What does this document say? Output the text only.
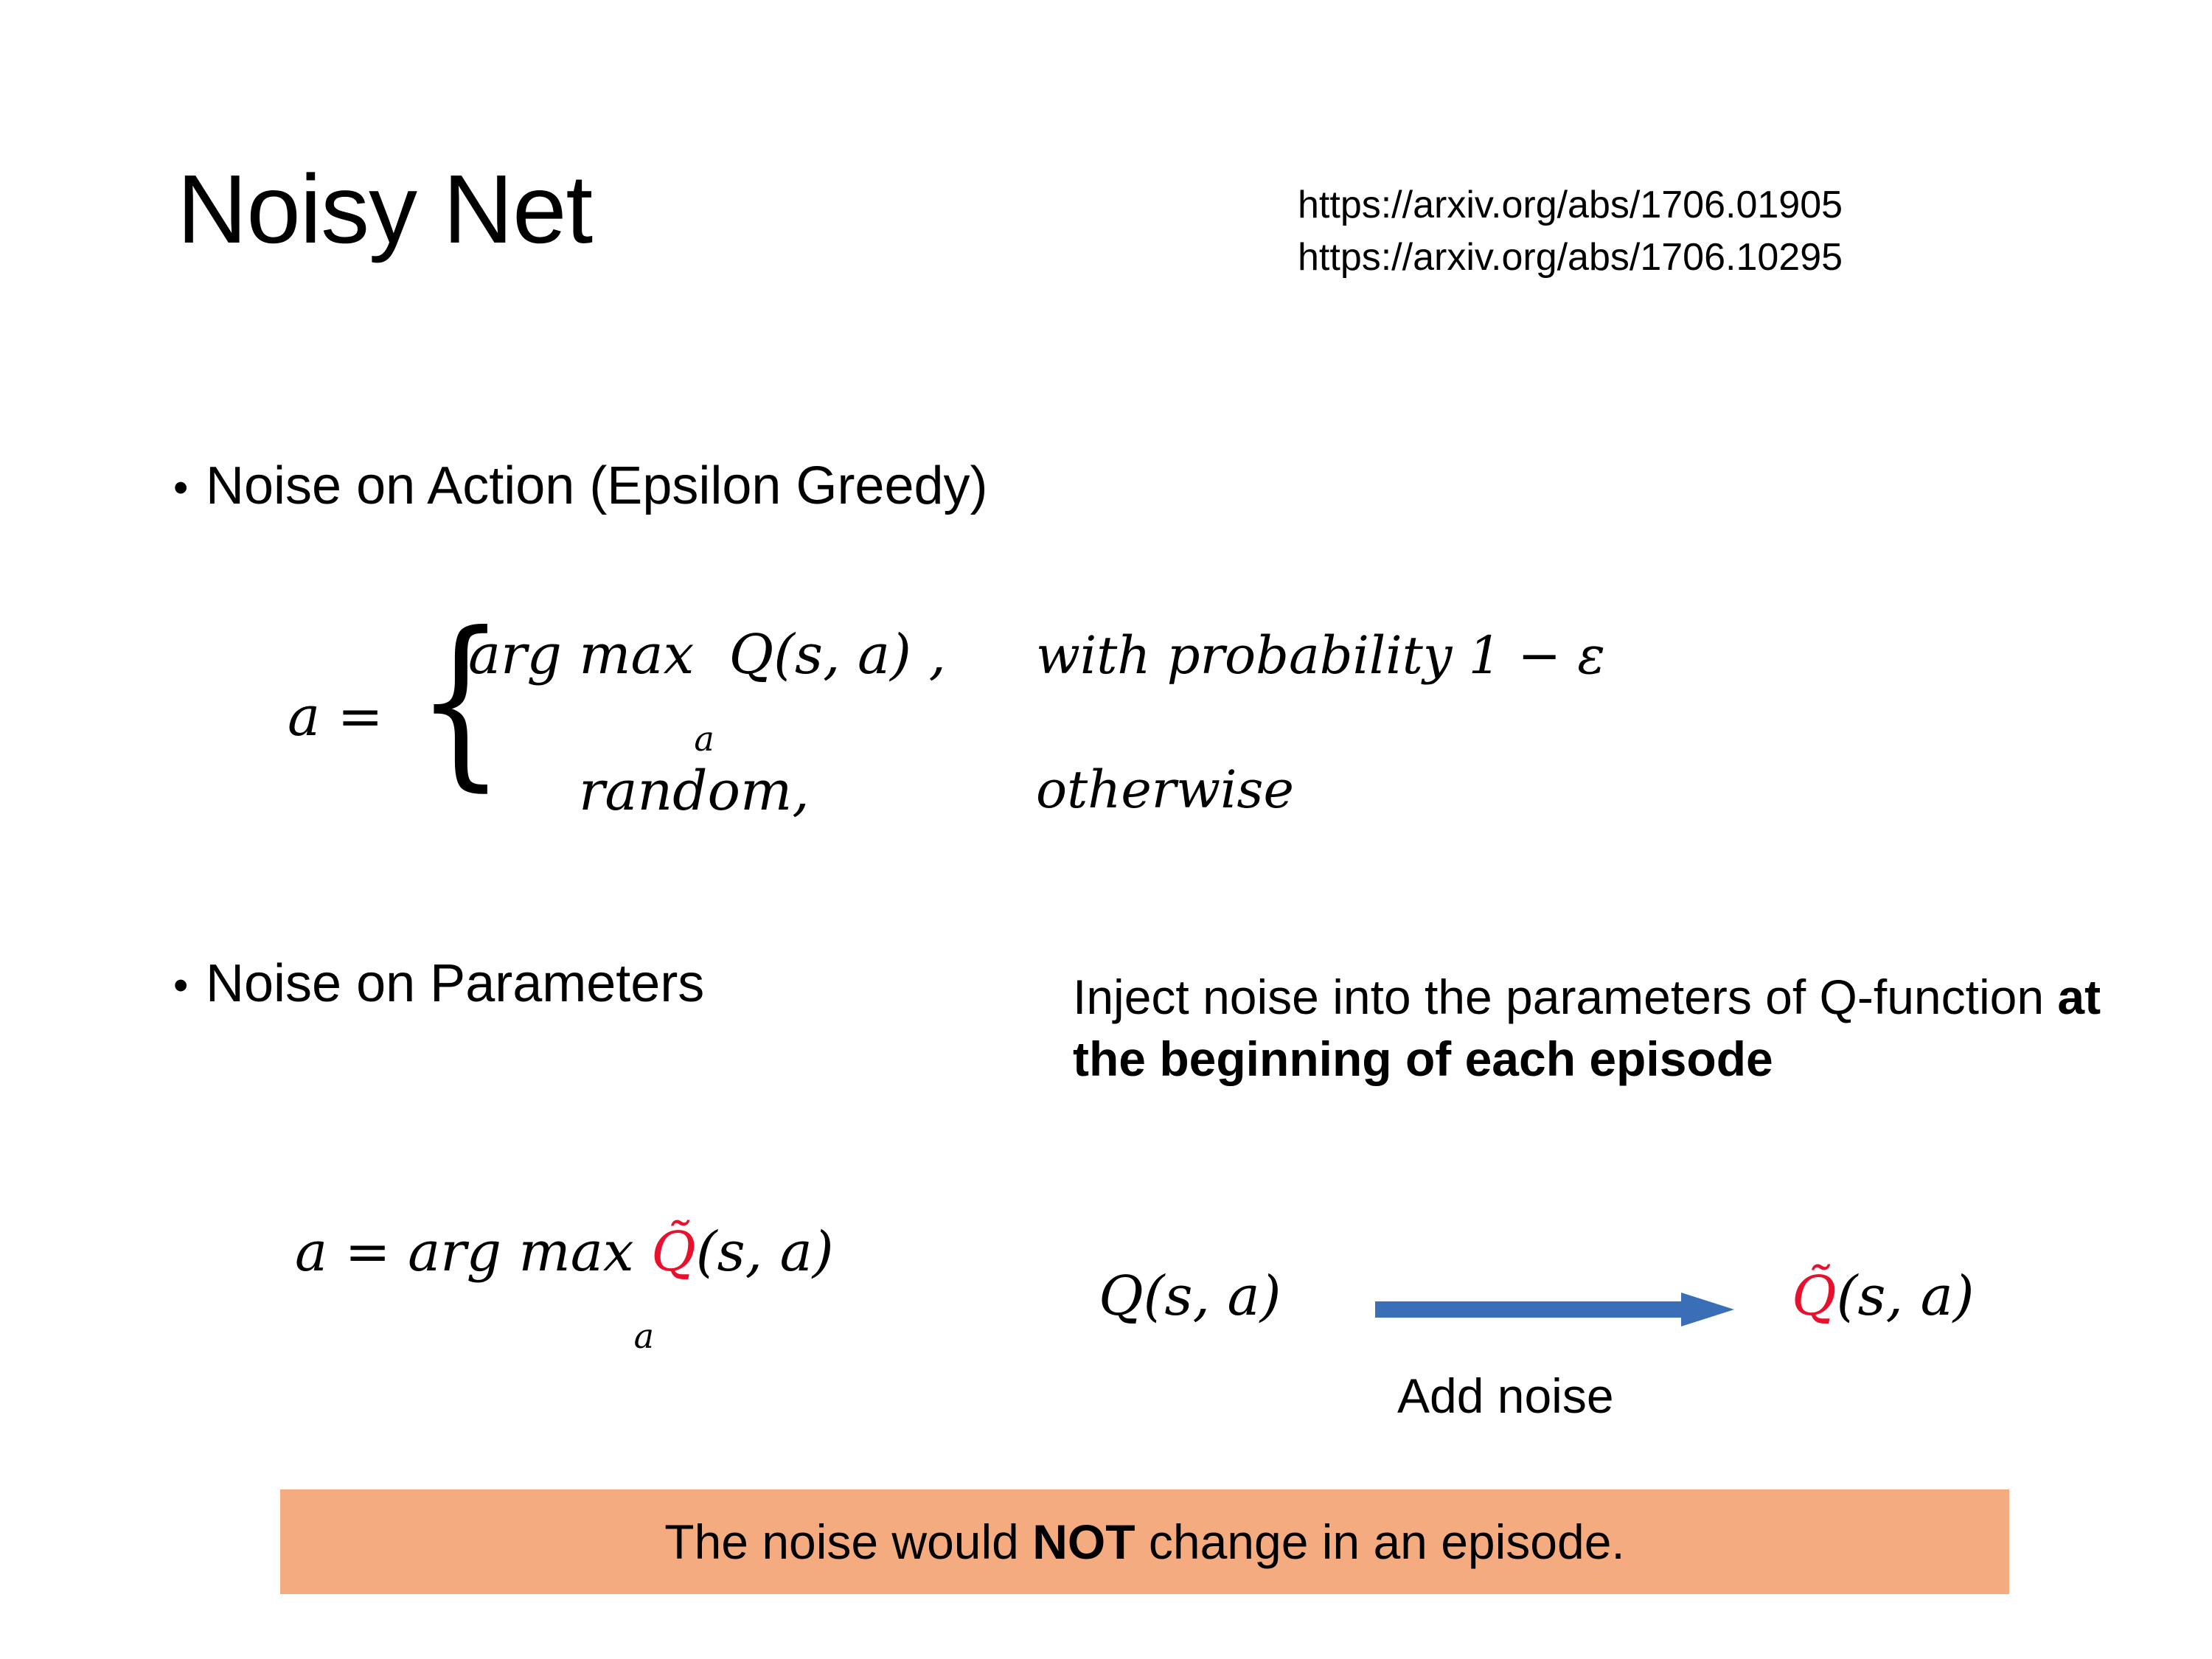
Noisy Net	https://arxiv.org/abs/1706.01905
https://arxiv.org/abs/1706.10295
• Noise on Action (Epsilon Greedy)
a = {
arg max
a
Q(s, a) ,
random,
with probability 1 − ε
otherwise
• Noise on Parameters
a = arg max
a
Q̃(s, a)
Inject noise into the parameters of Q-function at the beginning of each episode
Q(s, a)	Q̃(s, a)
Add noise
The noise would NOT change in an episode.
